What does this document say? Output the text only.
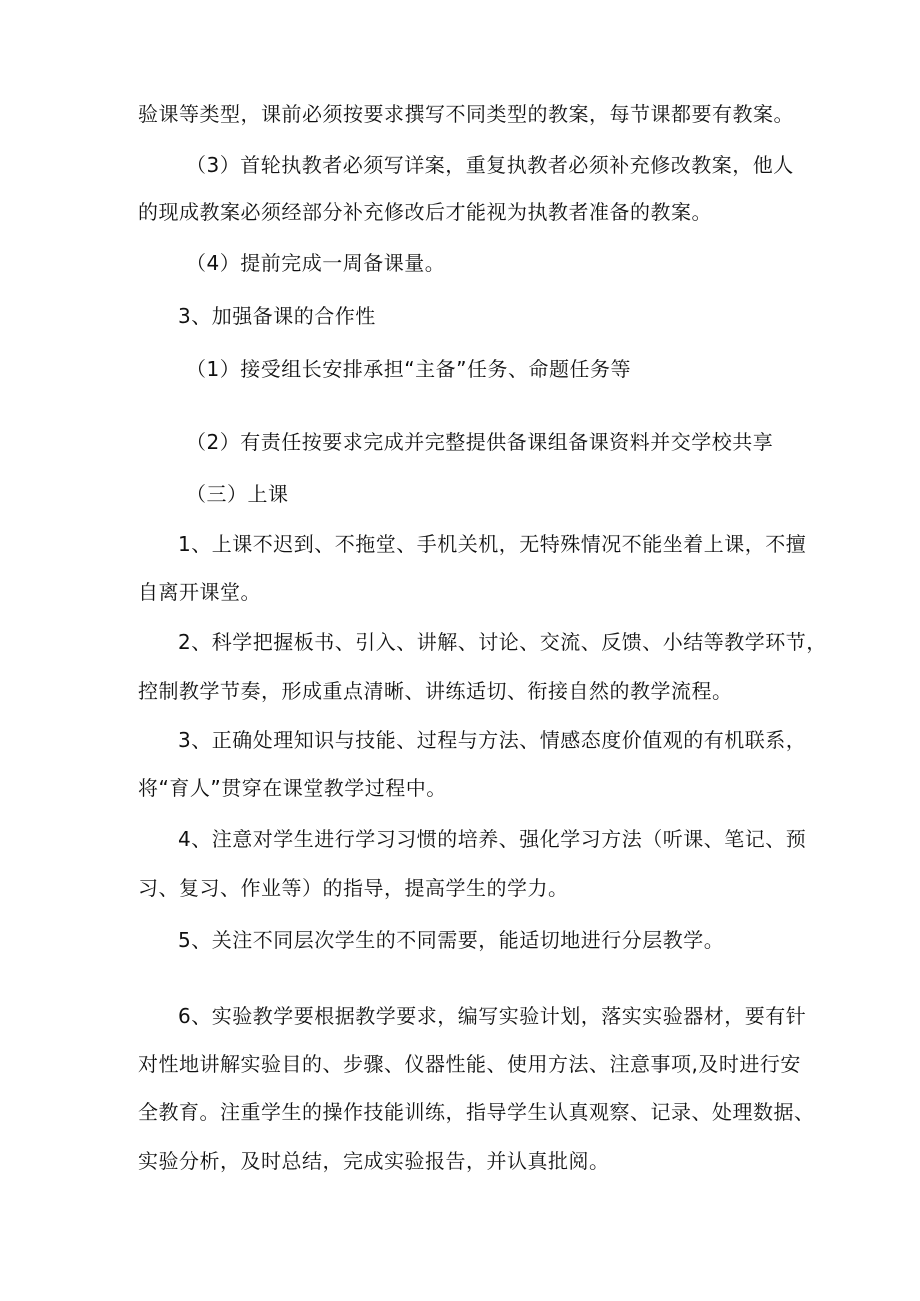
验课等类型，课前必须按要求撰写不同类型的教案，每节课都要有教案。
（3）首轮执教者必须写详案，重复执教者必须补充修改教案，他人
的现成教案必须经部分补充修改后才能视为执教者准备的教案。
（4）提前完成一周备课量。
3、加强备课的合作性
（1）接受组长安排承担“主备”任务、命题任务等
（2）有责任按要求完成并完整提供备课组备课资料并交学校共享
（三）上课
1、上课不迟到、不拖堂、手机关机，无特殊情况不能坐着上课，不擅
自离开课堂。
2、科学把握板书、引入、讲解、讨论、交流、反馈、小结等教学环节，
控制教学节奏，形成重点清晰、讲练适切、衔接自然的教学流程。
3、正确处理知识与技能、过程与方法、情感态度价值观的有机联系，
将“育人”贯穿在课堂教学过程中。
4、注意对学生进行学习习惯的培养、强化学习方法（听课、笔记、预
习、复习、作业等）的指导，提高学生的学力。
5、关注不同层次学生的不同需要，能适切地进行分层教学。
6、实验教学要根据教学要求，编写实验计划，落实实验器材，要有针
对性地讲解实验目的、步骤、仪器性能、使用方法、注意事项,及时进行安
全教育。注重学生的操作技能训练，指导学生认真观察、记录、处理数据、
实验分析，及时总结，完成实验报告，并认真批阅。
